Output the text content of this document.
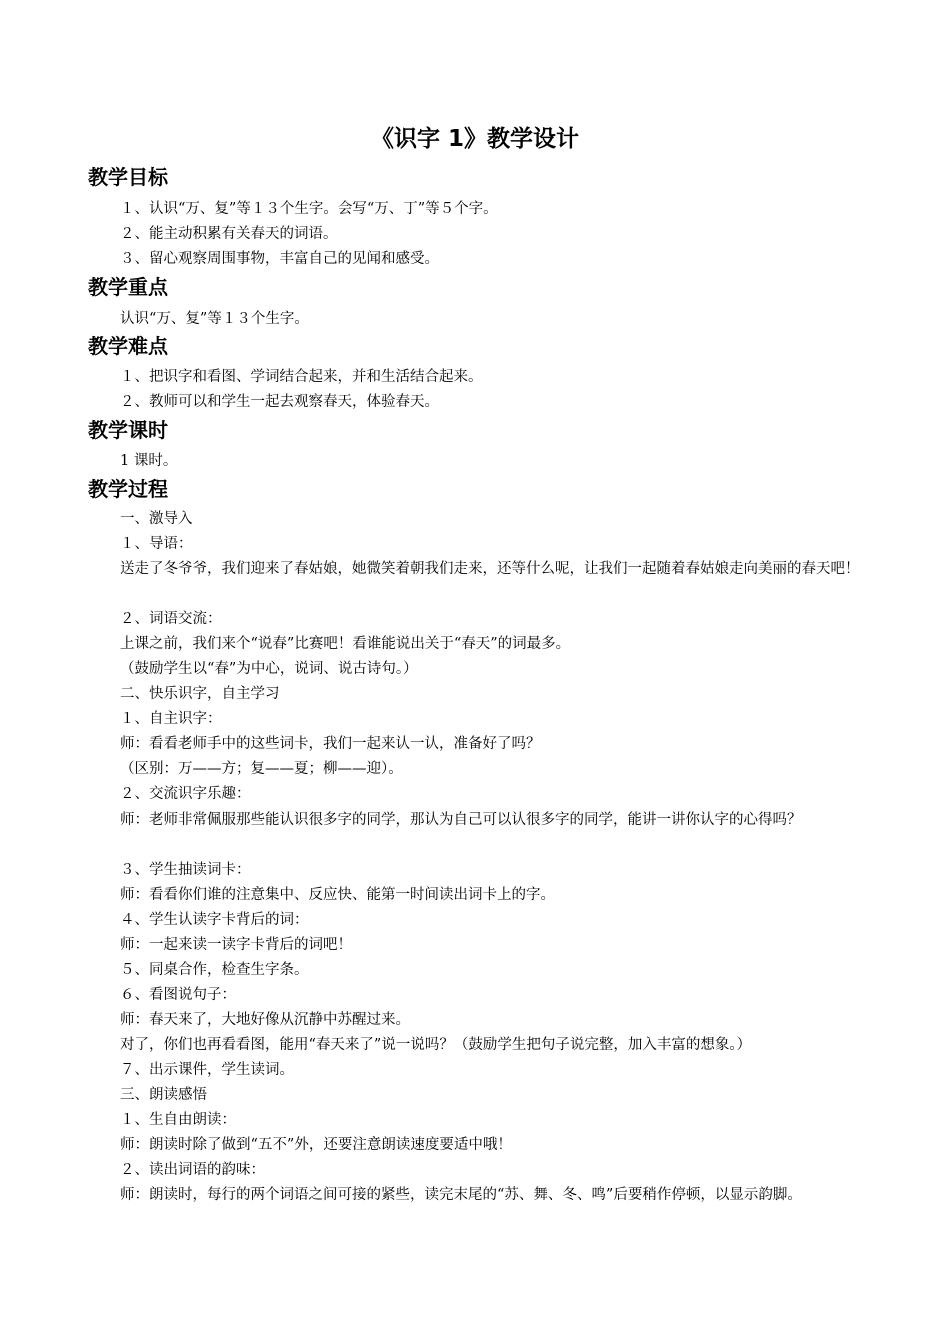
《识字 1》教学设计
教学目标
１、认识“万、复”等１３个生字。会写“万、丁”等５个字。
２、能主动积累有关春天的词语。
３、留心观察周围事物，丰富自己的见闻和感受。
教学重点
认识“万、复”等１３个生字。
教学难点
１、把识字和看图、学词结合起来，并和生活结合起来。
２、教师可以和学生一起去观察春天，体验春天。
教学课时
1 课时。
教学过程
一、激导入
１、导语：
送走了冬爷爷，我们迎来了春姑娘，她微笑着朝我们走来，还等什么呢，让我们一起随着春姑娘走向美丽的春天吧！
２、词语交流：
上课之前，我们来个“说春”比赛吧！看谁能说出关于“春天”的词最多。
（鼓励学生以“春”为中心，说词、说古诗句。）
二、快乐识字，自主学习
１、自主识字：
师：看看老师手中的这些词卡，我们一起来认一认，准备好了吗？
（区别：万——方；复——夏；柳——迎）。
２、交流识字乐趣：
师：老师非常佩服那些能认识很多字的同学，那认为自己可以认很多字的同学，能讲一讲你认字的心得吗？
３、学生抽读词卡：
师：看看你们谁的注意集中、反应快、能第一时间读出词卡上的字。
４、学生认读字卡背后的词：
师：一起来读一读字卡背后的词吧！
５、同桌合作，检查生字条。
６、看图说句子：
师：春天来了，大地好像从沉静中苏醒过来。
对了，你们也再看看图，能用“春天来了”说一说吗？（鼓励学生把句子说完整，加入丰富的想象。）
７、出示课件，学生读词。
三、朗读感悟
１、生自由朗读：
师：朗读时除了做到“五不”外，还要注意朗读速度要适中哦！
２、读出词语的韵味：
师：朗读时，每行的两个词语之间可接的紧些，读完末尾的“苏、舞、冬、鸣”后要稍作停顿，以显示韵脚。
